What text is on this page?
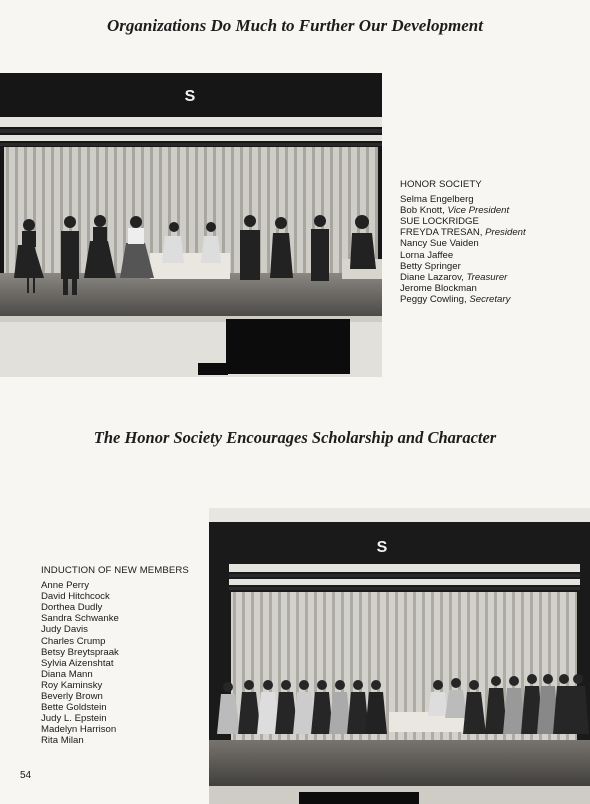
Organizations Do Much to Further Our Development
S
HONOR SOCIETY
Selma Engelberg
Bob Knott, Vice President
SUE LOCKRIDGE
FREYDA TRESAN, President
Nancy Sue Vaiden
Lorna Jaffee
Betty Springer
Diane Lazarov, Treasurer
Jerome Blockman
Peggy Cowling, Secretary
The Honor Society Encourages Scholarship and Character
INDUCTION OF NEW MEMBERS
Anne Perry
David Hitchcock
Dorthea Dudly
Sandra Schwanke
Judy Davis
Charles Crump
Betsy Breytspraak
Sylvia Aizenshtat
Diana Mann
Roy Kaminsky
Beverly Brown
Bette Goldstein
Judy L. Epstein
Madelyn Harrison
Rita Milan
S
54
